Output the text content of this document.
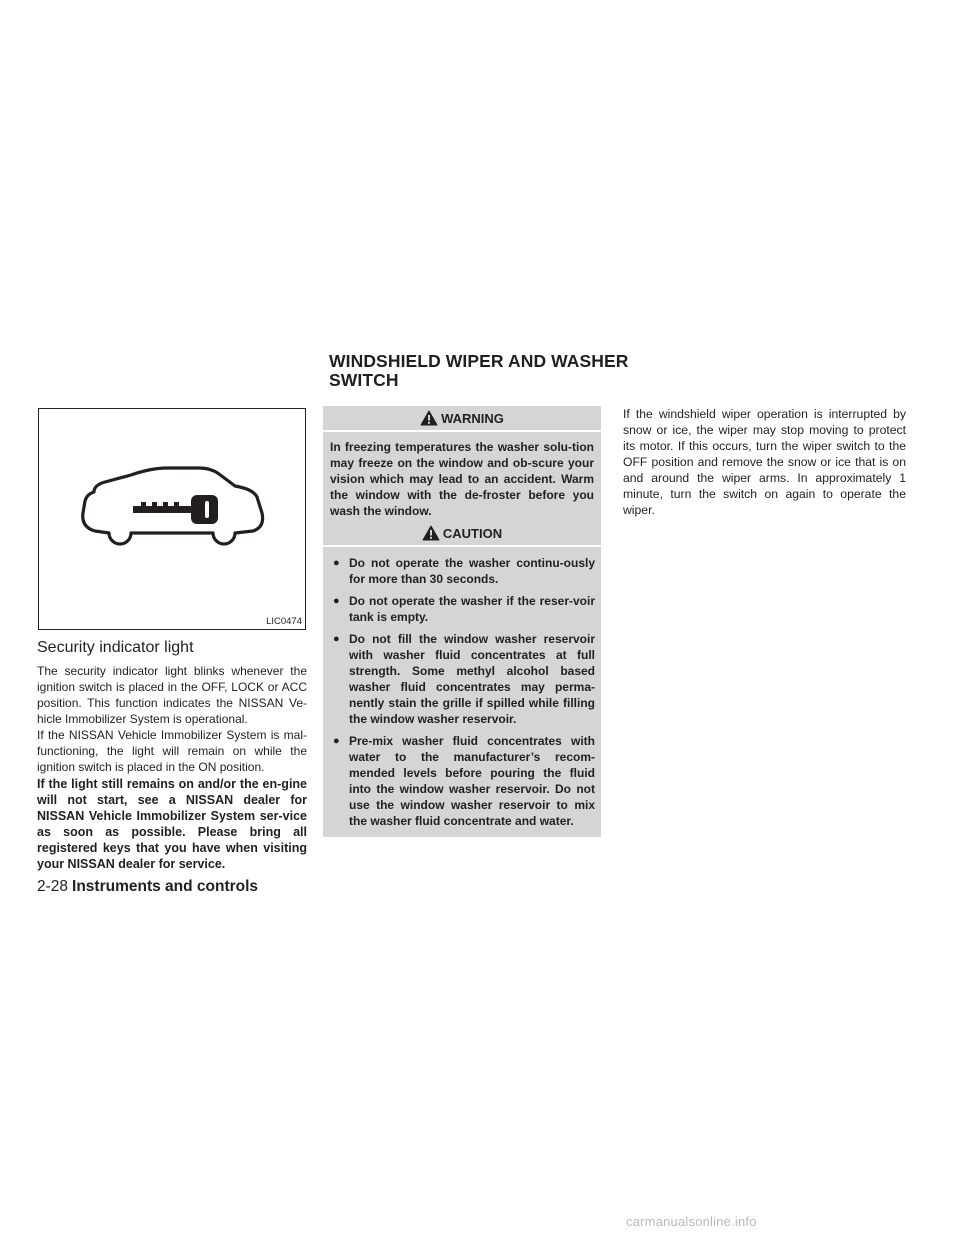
WINDSHIELD WIPER AND WASHER
SWITCH
LIC0474
Security indicator light

The security indicator light blinks whenever the ignition switch is placed in the OFF, LOCK or ACC position. This function indicates the NISSAN Ve-hicle Immobilizer System is operational.

If the NISSAN Vehicle Immobilizer System is mal-functioning, the light will remain on while the ignition switch is placed in the ON position.

If the light still remains on and/or the en-gine will not start, see a NISSAN dealer for NISSAN Vehicle Immobilizer System ser-vice as soon as possible. Please bring all registered keys that you have when visiting your NISSAN dealer for service.

WARNING

In freezing temperatures the washer solu-tion may freeze on the window and ob-scure your vision which may lead to an accident. Warm the window with the de-froster before you wash the window.

CAUTION
● Do not operate the washer continu-ously for more than 30 seconds.
● Do not operate the washer if the reser-voir tank is empty.
● Do not fill the window washer reservoir with washer fluid concentrates at full strength. Some methyl alcohol based washer fluid concentrates may perma-nently stain the grille if spilled while filling the window washer reservoir.
● Pre-mix washer fluid concentrates with water to the manufacturer’s recom-mended levels before pouring the fluid into the window washer reservoir. Do not use the window washer reservoir to mix the washer fluid concentrate and water.

If the windshield wiper operation is interrupted by snow or ice, the wiper may stop moving to protect its motor. If this occurs, turn the wiper switch to the OFF position and remove the snow or ice that is on and around the wiper arms. In approximately 1 minute, turn the switch on again to operate the wiper.

2-28 Instruments and controls
carmanualsonline.info
